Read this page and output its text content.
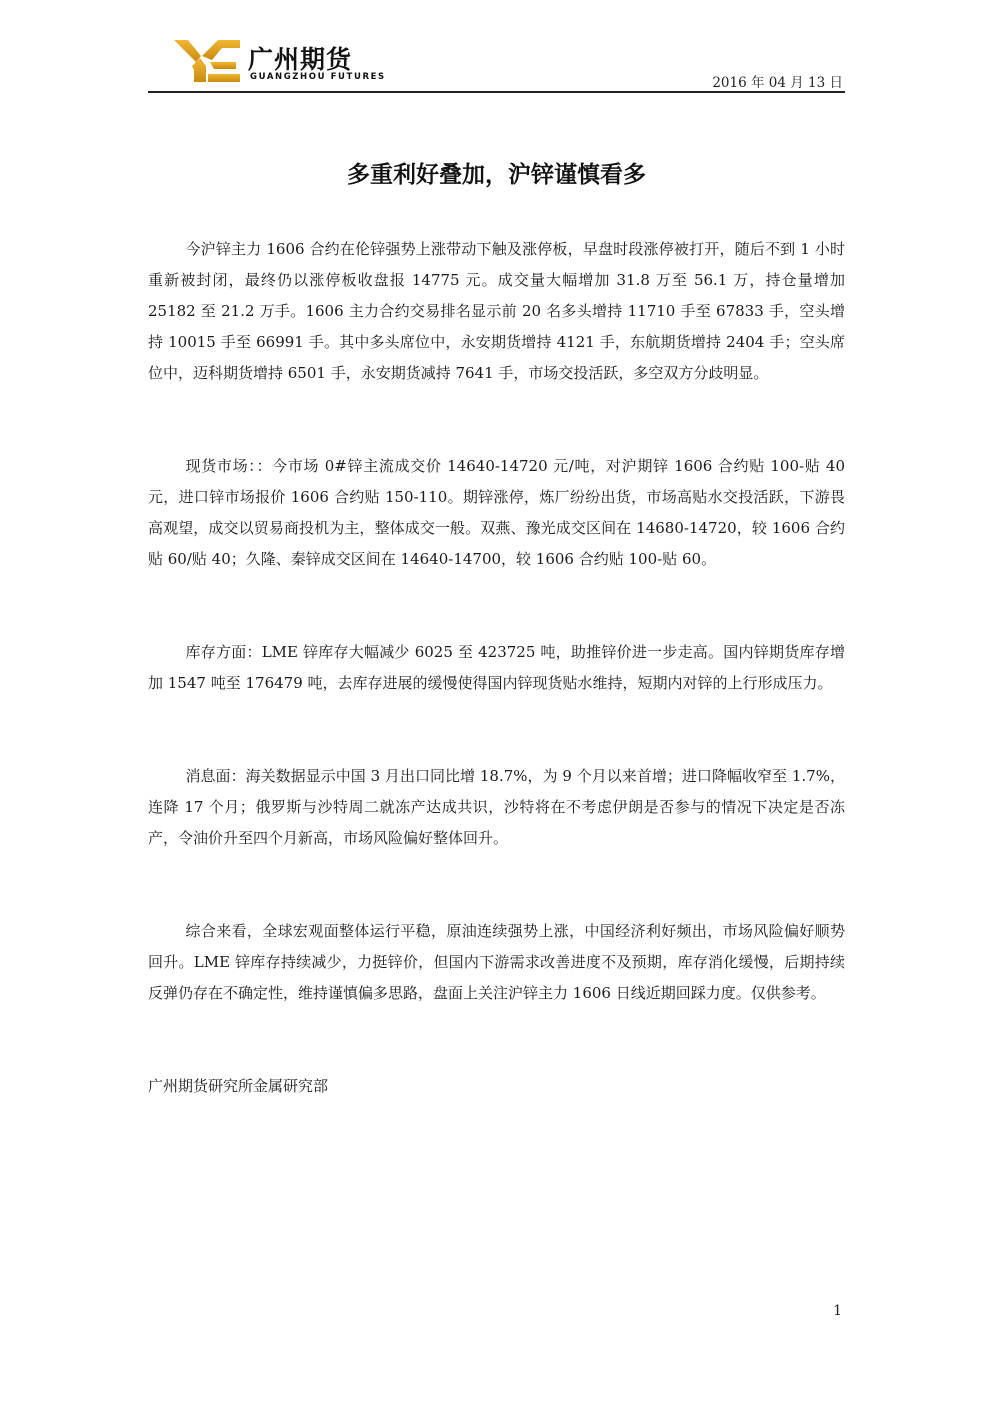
广州期货
GUANGZHOU FUTURES	2016 年 04 月 13 日
多重利好叠加，沪锌谨慎看多

今沪锌主力 1606 合约在伦锌强势上涨带动下触及涨停板，早盘时段涨停被打开，随后不到 1 小时重新被封闭，最终仍以涨停板收盘报 14775 元。成交量大幅增加 31.8 万至 56.1 万，持仓量增加 25182 至 21.2 万手。1606 主力合约交易排名显示前 20 名多头增持 11710 手至 67833 手，空头增持 10015 手至 66991 手。其中多头席位中，永安期货增持 4121 手，东航期货增持 2404 手；空头席位中，迈科期货增持 6501 手，永安期货减持 7641 手，市场交投活跃，多空双方分歧明显。

现货市场：：今市场 0#锌主流成交价 14640-14720 元/吨，对沪期锌 1606 合约贴 100-贴 40 元，进口锌市场报价 1606 合约贴 150-110。期锌涨停，炼厂纷纷出货，市场高贴水交投活跃，下游畏高观望，成交以贸易商投机为主，整体成交一般。双燕、豫光成交区间在 14680-14720，较 1606 合约贴 60/贴 40；久隆、秦锌成交区间在 14640-14700，较 1606 合约贴 100-贴 60。

库存方面：LME 锌库存大幅减少 6025 至 423725 吨，助推锌价进一步走高。国内锌期货库存增加 1547 吨至 176479 吨，去库存进展的缓慢使得国内锌现货贴水维持，短期内对锌的上行形成压力。

消息面：海关数据显示中国 3 月出口同比增 18.7%，为 9 个月以来首增；进口降幅收窄至 1.7%，连降 17 个月；俄罗斯与沙特周二就冻产达成共识，沙特将在不考虑伊朗是否参与的情况下决定是否冻产，令油价升至四个月新高，市场风险偏好整体回升。

综合来看，全球宏观面整体运行平稳，原油连续强势上涨，中国经济利好频出，市场风险偏好顺势回升。LME 锌库存持续减少，力挺锌价，但国内下游需求改善进度不及预期，库存消化缓慢，后期持续反弹仍存在不确定性，维持谨慎偏多思路，盘面上关注沪锌主力 1606 日线近期回踩力度。仅供参考。

广州期货研究所金属研究部

1
